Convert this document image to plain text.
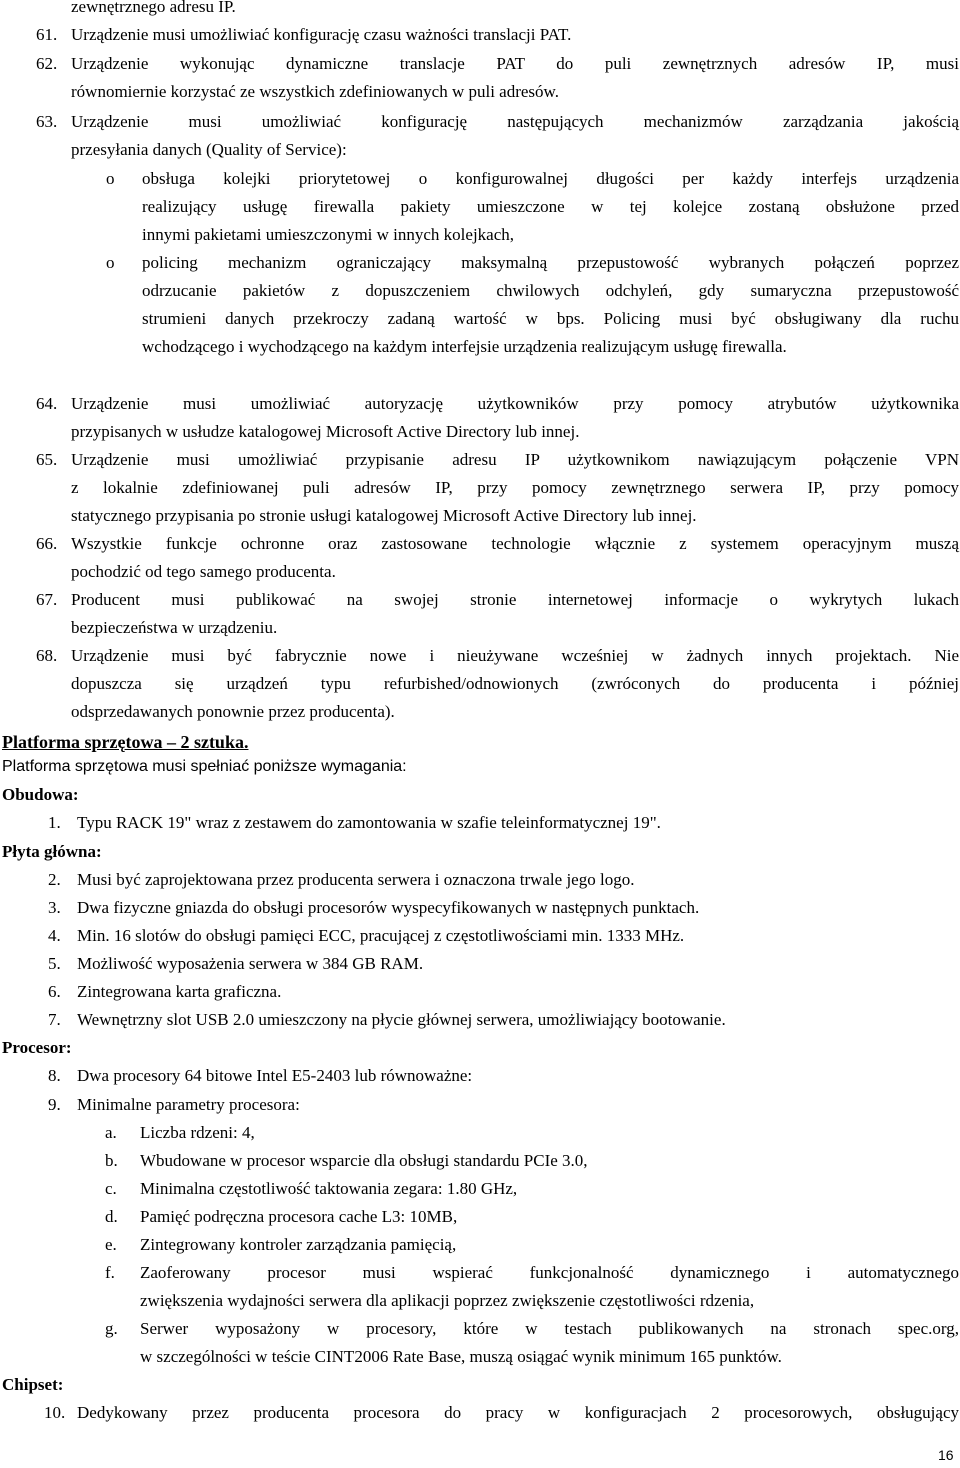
zewnętrznego adresu IP.
61. Urządzenie musi umożliwiać konfigurację czasu ważności translacji PAT.
62. Urządzenie wykonując dynamiczne translacje PAT do puli zewnętrznych adresów IP, musi
równomiernie korzystać ze wszystkich zdefiniowanych w puli adresów.
63. Urządzenie musi umożliwiać konfigurację następujących mechanizmów zarządzania jakością
przesyłania danych (Quality of Service):
o obsługa kolejki priorytetowej o konfigurowalnej długości per każdy interfejs urządzenia
realizujący usługę firewalla pakiety umieszczone w tej kolejce zostaną obsłużone przed
innymi pakietami umieszczonymi w innych kolejkach,
o policing mechanizm ograniczający maksymalną przepustowość wybranych połączeń poprzez
odrzucanie pakietów z dopuszczeniem chwilowych odchyleń, gdy sumaryczna przepustowość
strumieni danych przekroczy zadaną wartość w bps. Policing musi być obsługiwany dla ruchu
wchodzącego i wychodzącego na każdym interfejsie urządzenia realizującym usługę firewalla.
64. Urządzenie musi umożliwiać autoryzację użytkowników przy pomocy atrybutów użytkownika
przypisanych w usłudze katalogowej Microsoft Active Directory lub innej.
65. Urządzenie musi umożliwiać przypisanie adresu IP użytkownikom nawiązującym połączenie VPN
z lokalnie zdefiniowanej puli adresów IP, przy pomocy zewnętrznego serwera IP, przy pomocy
statycznego przypisania po stronie usługi katalogowej Microsoft Active Directory lub innej.
66. Wszystkie funkcje ochronne oraz zastosowane technologie włącznie z systemem operacyjnym muszą
pochodzić od tego samego producenta.
67. Producent musi publikować na swojej stronie internetowej informacje o wykrytych lukach
bezpieczeństwa w urządzeniu.
68. Urządzenie musi być fabrycznie nowe i nieużywane wcześniej w żadnych innych projektach. Nie
dopuszcza się urządzeń typu refurbished/odnowionych (zwróconych do producenta i później
odsprzedawanych ponownie przez producenta).
Platforma sprzętowa – 2 sztuka.
Platforma sprzętowa musi spełniać poniższe wymagania:
Obudowa:
1. Typu RACK 19" wraz z zestawem do zamontowania w szafie teleinformatycznej 19".
Płyta główna:
2. Musi być zaprojektowana przez producenta serwera i oznaczona trwale jego logo.
3. Dwa fizyczne gniazda do obsługi procesorów wyspecyfikowanych w następnych punktach.
4. Min. 16 slotów do obsługi pamięci ECC, pracującej z częstotliwościami min. 1333 MHz.
5. Możliwość wyposażenia serwera w 384 GB RAM.
6. Zintegrowana karta graficzna.
7. Wewnętrzny slot USB 2.0 umieszczony na płycie głównej serwera, umożliwiający bootowanie.
Procesor:
8. Dwa procesory 64 bitowe Intel E5-2403 lub równoważne:
9. Minimalne parametry procesora:
a. Liczba rdzeni: 4,
b. Wbudowane w procesor wsparcie dla obsługi standardu PCIe 3.0,
c. Minimalna częstotliwość taktowania zegara: 1.80 GHz,
d. Pamięć podręczna procesora cache L3: 10MB,
e. Zintegrowany kontroler zarządzania pamięcią,
f. Zaoferowany procesor musi wspierać funkcjonalność dynamicznego i automatycznego
zwiększenia wydajności serwera dla aplikacji poprzez zwiększenie częstotliwości rdzenia,
g. Serwer wyposażony w procesory, które w testach publikowanych na stronach spec.org,
w szczególności w teście CINT2006 Rate Base, muszą osiągać wynik minimum 165 punktów.
Chipset:
10. Dedykowany przez producenta procesora do pracy w konfiguracjach 2 procesorowych, obsługujący
16
